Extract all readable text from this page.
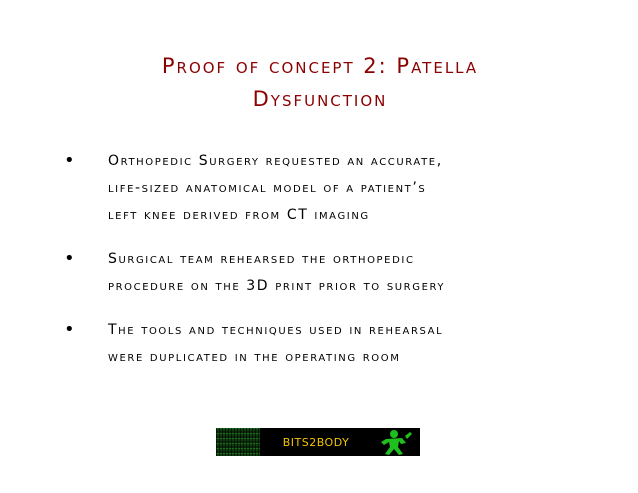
Proof of concept 2: Patella
Dysfunction
• Orthopedic Surgery requested an accurate,
life-sized anatomical model of a patient’s
left knee derived from CT imaging
• Surgical team rehearsed the orthopedic
procedure on the 3D print prior to surgery
• The tools and techniques used in rehearsal
were duplicated in the operating room
BITS2BODY
